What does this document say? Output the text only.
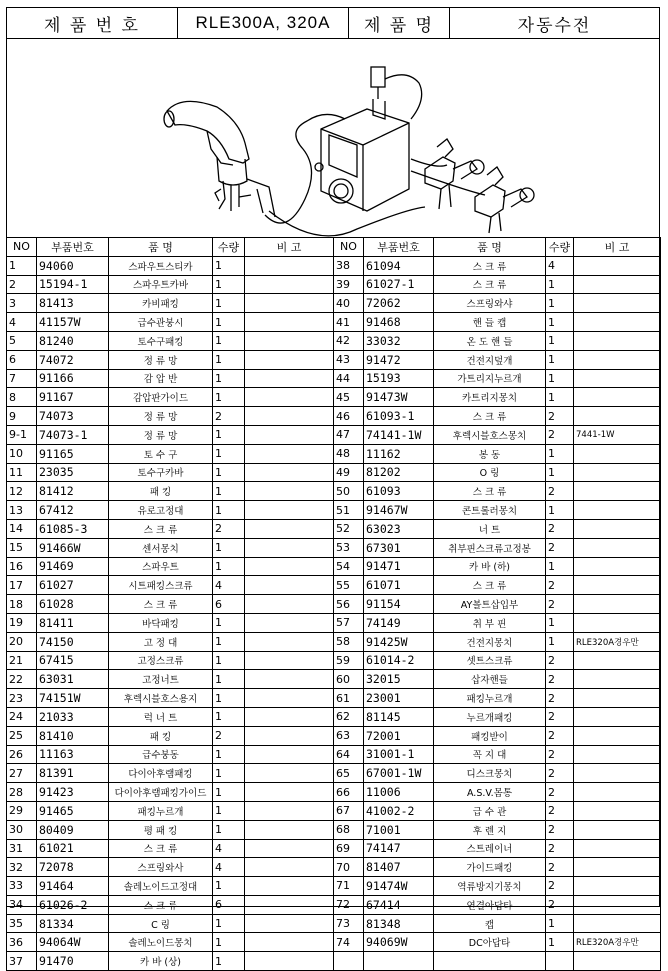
제 품 번 호	RLE300A, 320A	제 품 명	자동수전
NO	부품번호	품 명	수량	비 고
1	94060	스파우트스티카	1	
2	15194-1	스파우트카바	1	
3	81413	카비패킹	1	
4	41157W	급수관붕시	1	
5	81240	토수구패킹	1	
6	74072	정 류 망	1	
7	91166	감 압 반	1	
8	91167	감압판가이드	1	
9	74073	정 류 망	2	
9-1	74073-1	정 류 망	1	
10	91165	토 수 구	1	
11	23035	토수구카바	1	
12	81412	패 킹	1	
13	67412	유로고정대	1	
14	61085-3	스 크 류	2	
15	91466W	센서몽치	1	
16	91469	스파우트	1	
17	61027	시트패킹스크류	4	
18	61028	스 크 류	6	
19	81411	바닥패킹	1	
20	74150	고 정 대	1	
21	67415	고정스크류	1	
22	63031	고정너트	1	
23	74151W	후렉시블호스용지	1	
24	21033	럭 너 트	1	
25	81410	패 킹	2	
26	11163	급수붕동	1	
27	81391	다이아후램패킹	1	
28	91423	다이아후램패킹가이드	1	
29	91465	패킹누르개	1	
30	80409	평 패 킹	1	
31	61021	스 크 류	4	
32	72078	스프링와사	4	
33	91464	솔레노이드고정대	1	
34	61026-2	스 크 류	6	
35	81334	C 링	1	
36	94064W	솔레노이드몽치	1	
37	91470	카 바 (상)	1	
NO	부품번호	품 명	수량	비 고
38	61094	스 크 류	4	
39	61027-1	스 크 류	1	
40	72062	스프링와샤	1	
41	91468	핸 들 캡	1	
42	33032	온 도 핸 들	1	
43	91472	건전지덮개	1	
44	15193	가트리지누르개	1	
45	91473W	카트리지몽치	1	
46	61093-1	스 크 류	2	
47	74141-1W	후렉시블호스몽치	2	7441-1W
48	11162	봉 동	1	
49	81202	O 링	1	
50	61093	스 크 류	2	
51	91467W	콘트롤러몽치	1	
52	63023	너 트	2	
53	67301	취부핀스크류고정봉	2	
54	91471	카 바 (하)	1	
55	61071	스 크 류	2	
56	91154	AY볼트삽입부	2	
57	74149	취 부 핀	1	
58	91425W	건전지몽치	1	RLE320A경우만
59	61014-2	셋트스크류	2	
60	32015	삽자핸들	2	
61	23001	패킹누르개	2	
62	81145	누르개패킹	2	
63	72001	패킹받이	2	
64	31001-1	꼭 지 대	2	
65	67001-1W	디스크몽치	2	
66	11006	A.S.V.몸통	2	
67	41002-2	급 수 관	2	
68	71001	후 렌 지	2	
69	74147	스트레이너	2	
70	81407	가이드패킹	2	
71	91474W	역류방지기몽치	2	
72	67414	연결아답타	2	
73	81348	캡	1	
74	94069W	DC아답타	1	RLE320A경우만
